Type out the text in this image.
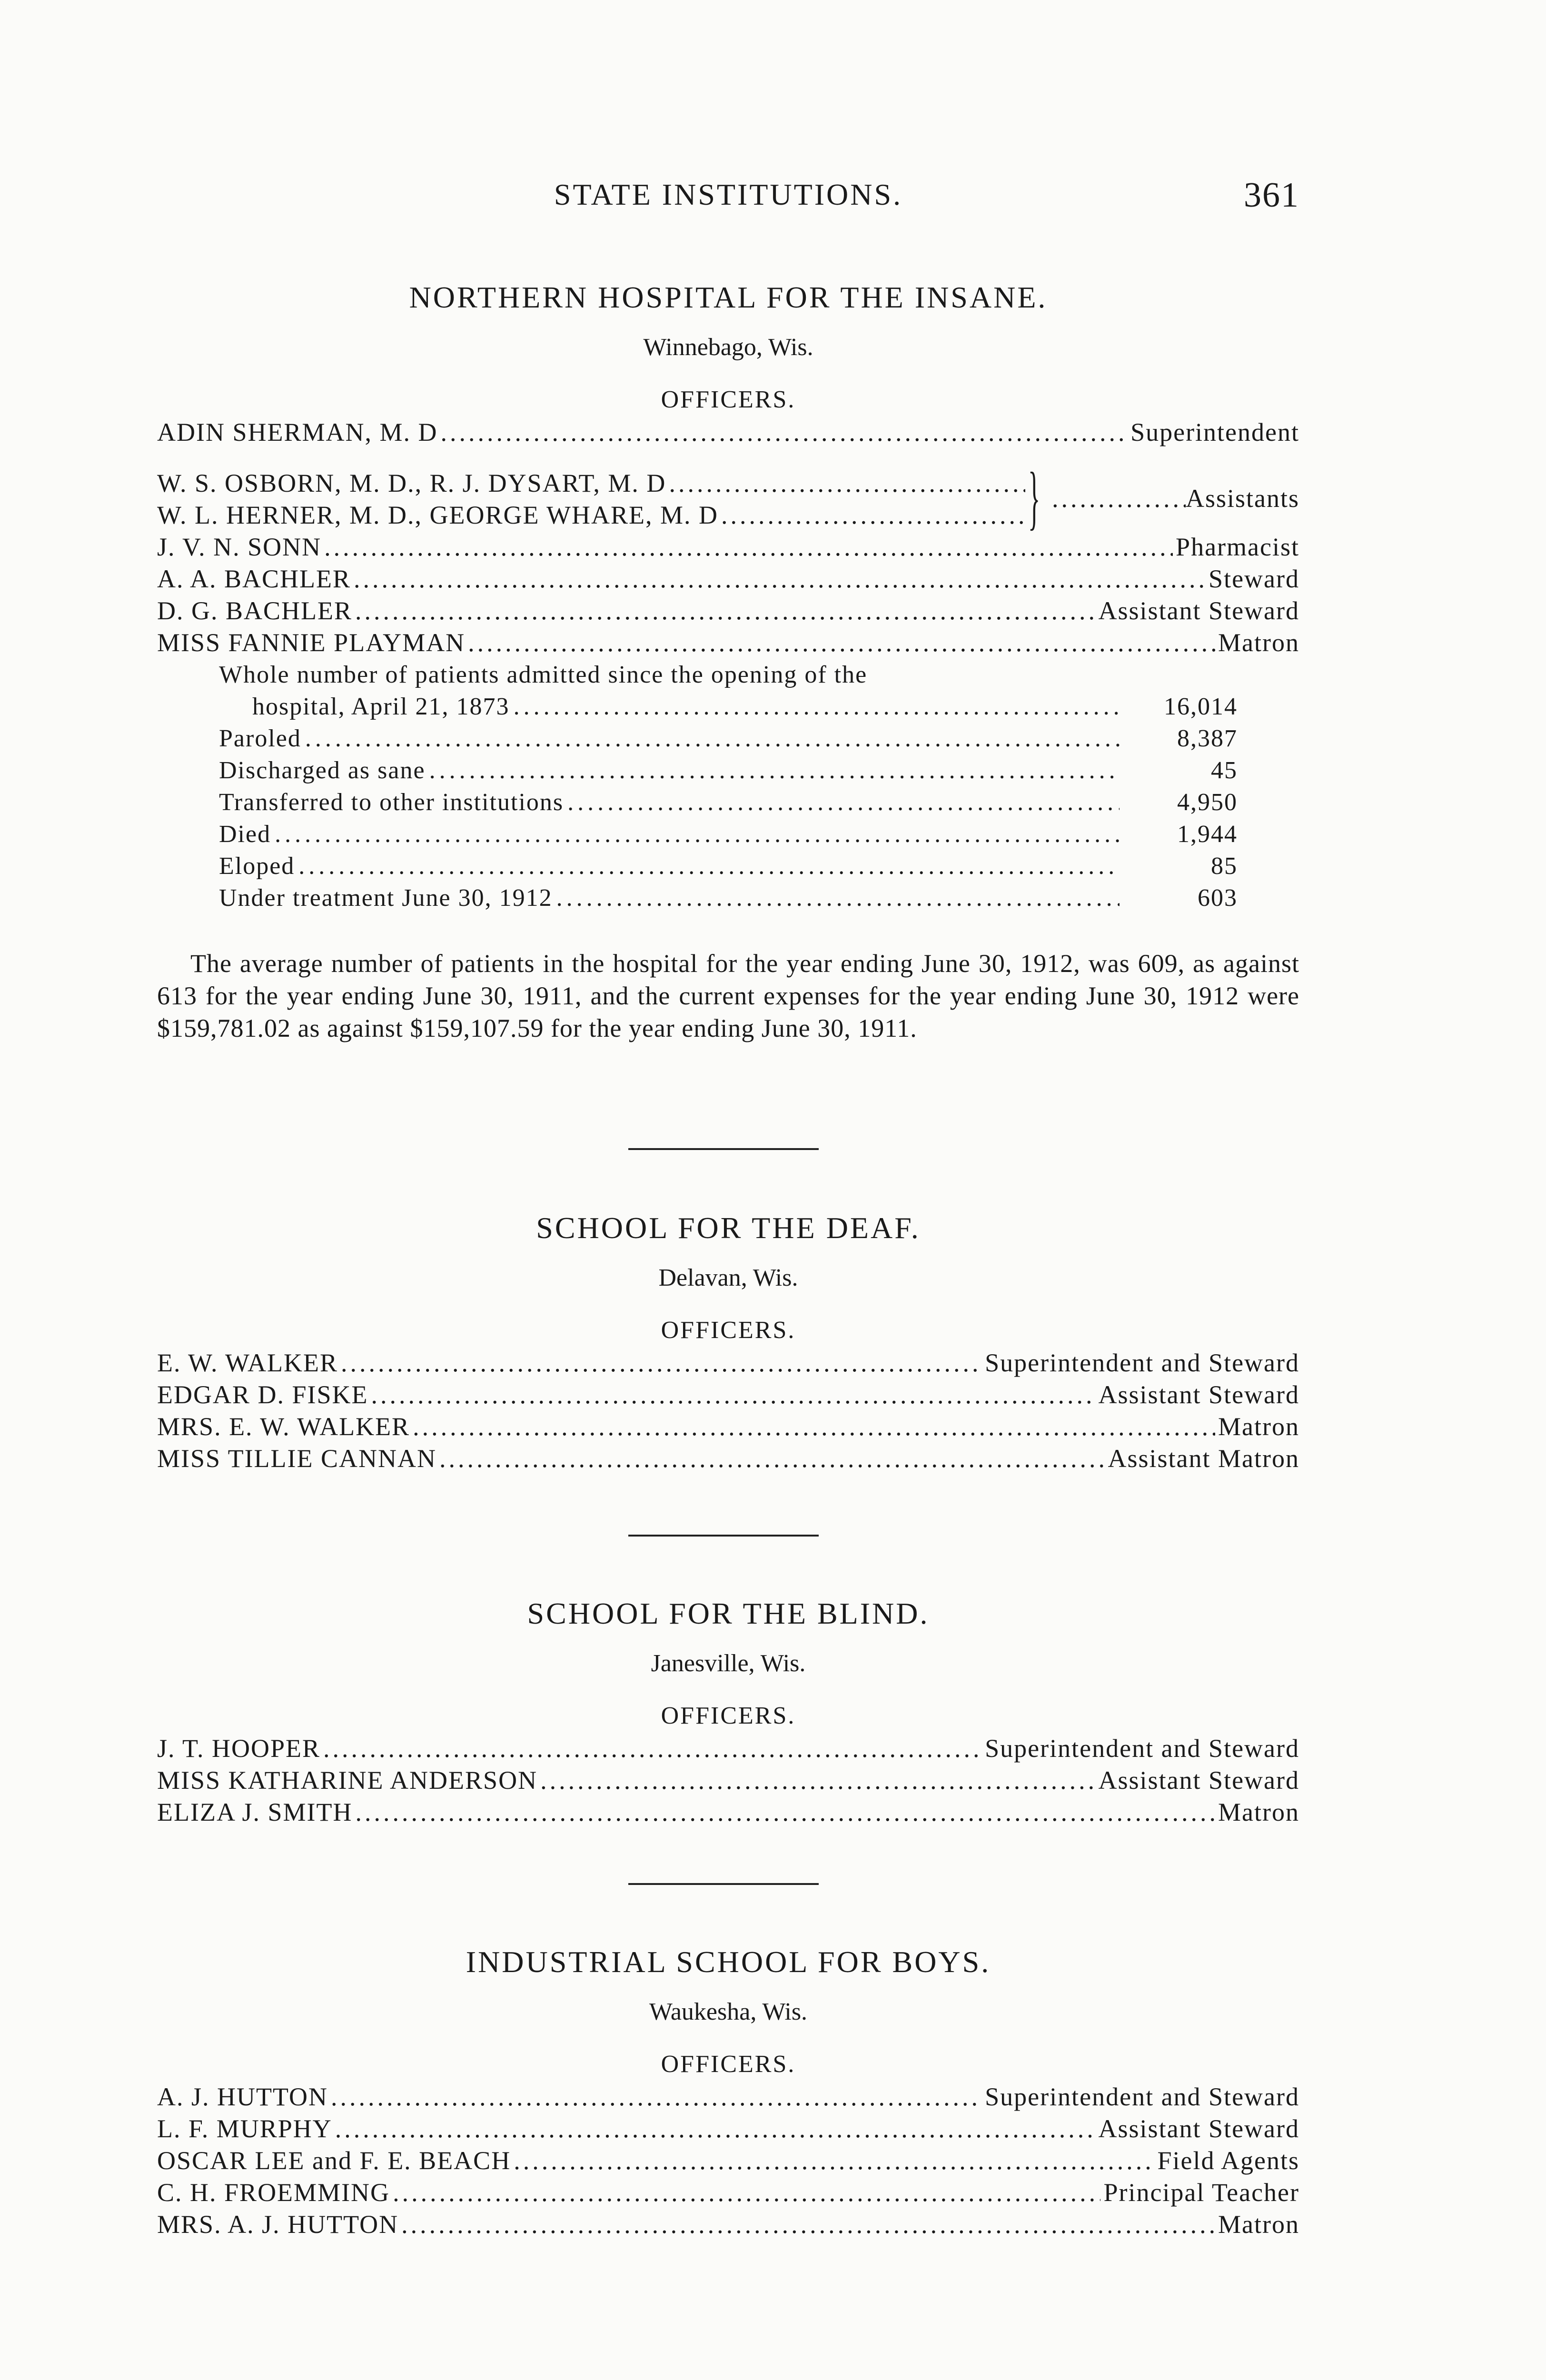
STATE INSTITUTIONS.	361
NORTHERN HOSPITAL FOR THE INSANE.
Winnebago, Wis.
OFFICERS.
ADIN SHERMAN, M. D .....	Superintendent
W. S. OSBORN, M. D., R. J. DYSART, M. D
.....
W. L. HERNER, M. D., GEORGE WHARE, M. D .....	} .....	Assistants
J. V. N. SONN .....	Pharmacist
A. A. BACHLER .....	Steward
D. G. BACHLER .....	Assistant Steward
MISS FANNIE PLAYMAN .....	Matron
Whole number of patients admitted since the opening of the
hospital, April 21, 1873 .....	16,014
Paroled .....	8,387
Discharged as sane .....	45
Transferred to other institutions .....	4,950
Died .....	1,944
Eloped .....	85
Under treatment June 30, 1912 .....	603
The average number of patients in the hospital for the year ending June 30, 1912, was 609, as against 613 for the year ending June 30, 1911, and the current expenses for the year ending June 30, 1912 were $159,781.02 as against $159,107.59 for the year ending June 30, 1911.
SCHOOL FOR THE DEAF.
Delavan, Wis.
OFFICERS.
E. W. WALKER .....	Superintendent and Steward
EDGAR D. FISKE .....	Assistant Steward
MRS. E. W. WALKER .....	Matron
MISS TILLIE CANNAN .....	Assistant Matron
SCHOOL FOR THE BLIND.
Janesville, Wis.
OFFICERS.
J. T. HOOPER .....	Superintendent and Steward
MISS KATHARINE ANDERSON .....	Assistant Steward
ELIZA J. SMITH .....	Matron
INDUSTRIAL SCHOOL FOR BOYS.
Waukesha, Wis.
OFFICERS.
A. J. HUTTON .....	Superintendent and Steward
L. F. MURPHY .....	Assistant Steward
OSCAR LEE and F. E. BEACH .....	Field Agents
C. H. FROEMMING .....	Principal Teacher
MRS. A. J. HUTTON .....	Matron
